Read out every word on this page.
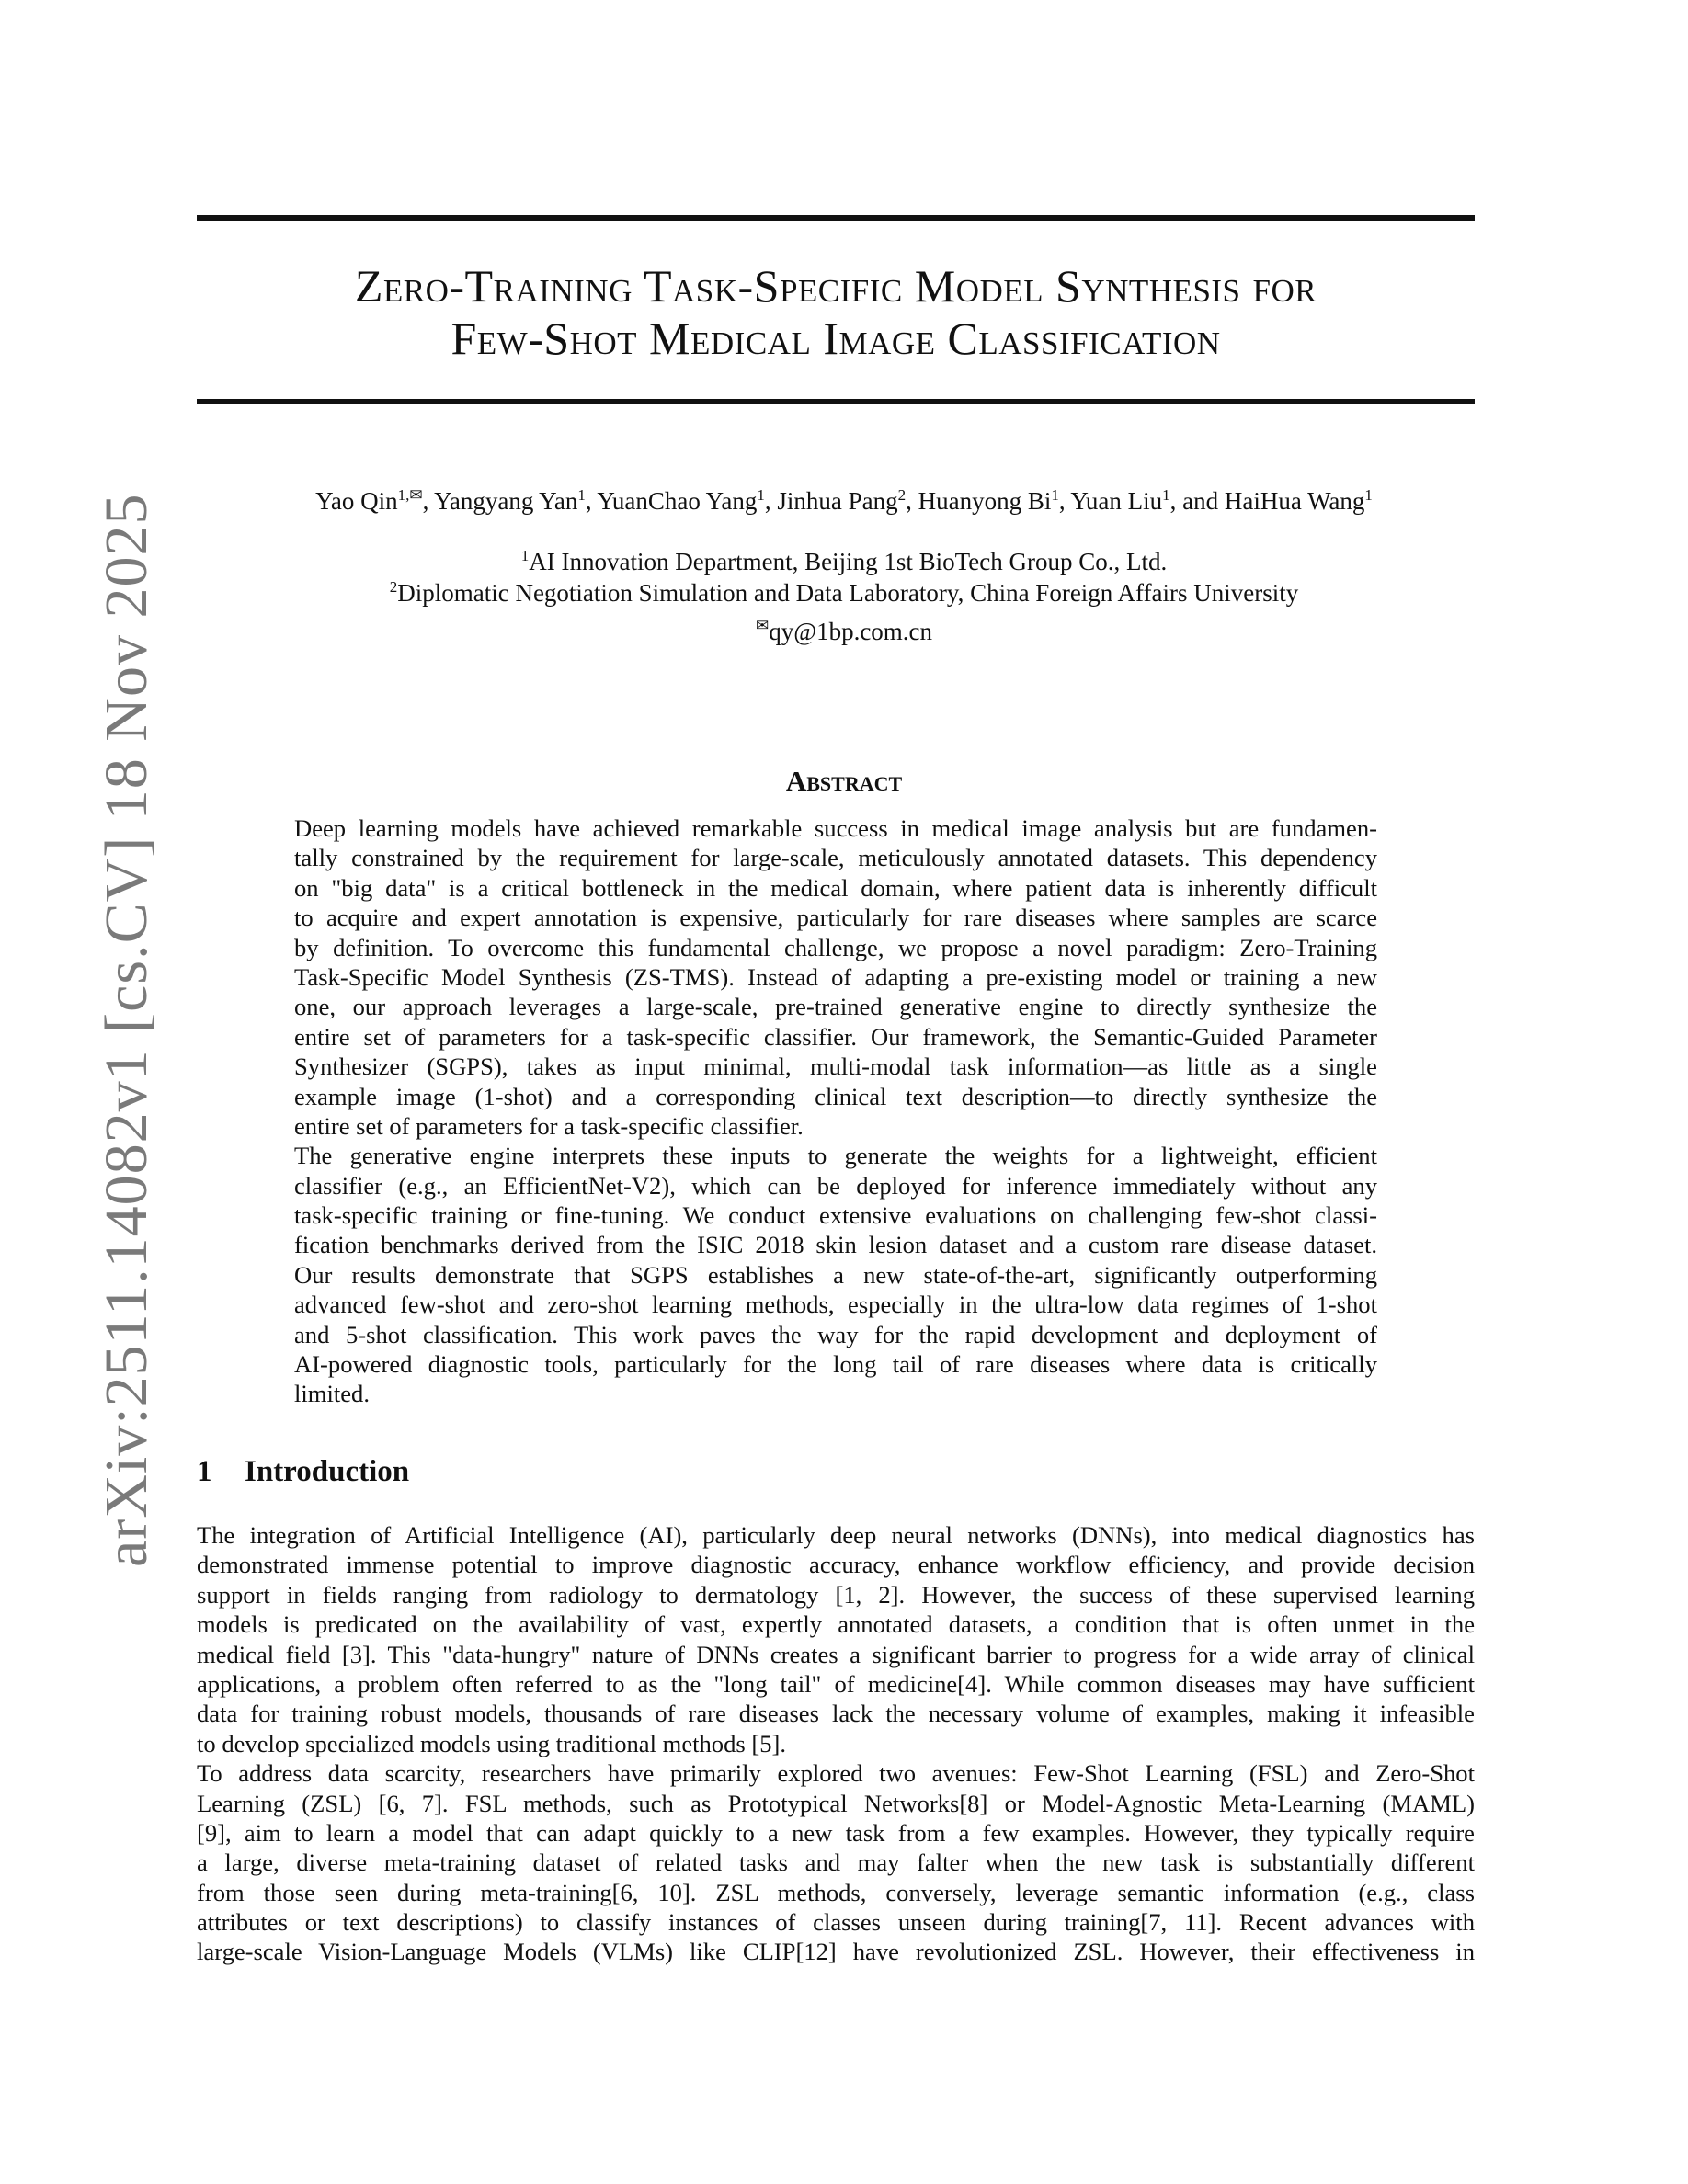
arXiv:2511.14082v1 [cs.CV] 18 Nov 2025
Zero-Training Task-Specific Model Synthesis for
Few-Shot Medical Image Classification
Yao Qin$^{1,✉}$, Yangyang Yan$^1$, YuanChao Yang$^1$, Jinhua Pang$^2$, Huanyong Bi$^1$, Yuan Liu$^1$, and HaiHua Wang$^1$
$^1$AI Innovation Department, Beijing 1st BioTech Group Co., Ltd.
$^2$Diplomatic Negotiation Simulation and Data Laboratory, China Foreign Affairs University
✉qy@1bp.com.cn
Abstract
Deep learning models have achieved remarkable success in medical image analysis but are fundamen-
tally constrained by the requirement for large-scale, meticulously annotated datasets. This dependency
on "big data" is a critical bottleneck in the medical domain, where patient data is inherently difficult
to acquire and expert annotation is expensive, particularly for rare diseases where samples are scarce
by definition. To overcome this fundamental challenge, we propose a novel paradigm: Zero-Training
Task-Specific Model Synthesis (ZS-TMS). Instead of adapting a pre-existing model or training a new
one, our approach leverages a large-scale, pre-trained generative engine to directly synthesize the
entire set of parameters for a task-specific classifier. Our framework, the Semantic-Guided Parameter
Synthesizer (SGPS), takes as input minimal, multi-modal task information—as little as a single
example image (1-shot) and a corresponding clinical text description—to directly synthesize the
entire set of parameters for a task-specific classifier.
The generative engine interprets these inputs to generate the weights for a lightweight, efficient
classifier (e.g., an EfficientNet-V2), which can be deployed for inference immediately without any
task-specific training or fine-tuning. We conduct extensive evaluations on challenging few-shot classi-
fication benchmarks derived from the ISIC 2018 skin lesion dataset and a custom rare disease dataset.
Our results demonstrate that SGPS establishes a new state-of-the-art, significantly outperforming
advanced few-shot and zero-shot learning methods, especially in the ultra-low data regimes of 1-shot
and 5-shot classification. This work paves the way for the rapid development and deployment of
AI-powered diagnostic tools, particularly for the long tail of rare diseases where data is critically
limited.
1 Introduction
The integration of Artificial Intelligence (AI), particularly deep neural networks (DNNs), into medical diagnostics has
demonstrated immense potential to improve diagnostic accuracy, enhance workflow efficiency, and provide decision
support in fields ranging from radiology to dermatology [1, 2]. However, the success of these supervised learning
models is predicated on the availability of vast, expertly annotated datasets, a condition that is often unmet in the
medical field [3]. This "data-hungry" nature of DNNs creates a significant barrier to progress for a wide array of clinical
applications, a problem often referred to as the "long tail" of medicine[4]. While common diseases may have sufficient
data for training robust models, thousands of rare diseases lack the necessary volume of examples, making it infeasible
to develop specialized models using traditional methods [5].
To address data scarcity, researchers have primarily explored two avenues: Few-Shot Learning (FSL) and Zero-Shot
Learning (ZSL) [6, 7]. FSL methods, such as Prototypical Networks[8] or Model-Agnostic Meta-Learning (MAML)
[9], aim to learn a model that can adapt quickly to a new task from a few examples. However, they typically require
a large, diverse meta-training dataset of related tasks and may falter when the new task is substantially different
from those seen during meta-training[6, 10]. ZSL methods, conversely, leverage semantic information (e.g., class
attributes or text descriptions) to classify instances of classes unseen during training[7, 11]. Recent advances with
large-scale Vision-Language Models (VLMs) like CLIP[12] have revolutionized ZSL. However, their effectiveness in
